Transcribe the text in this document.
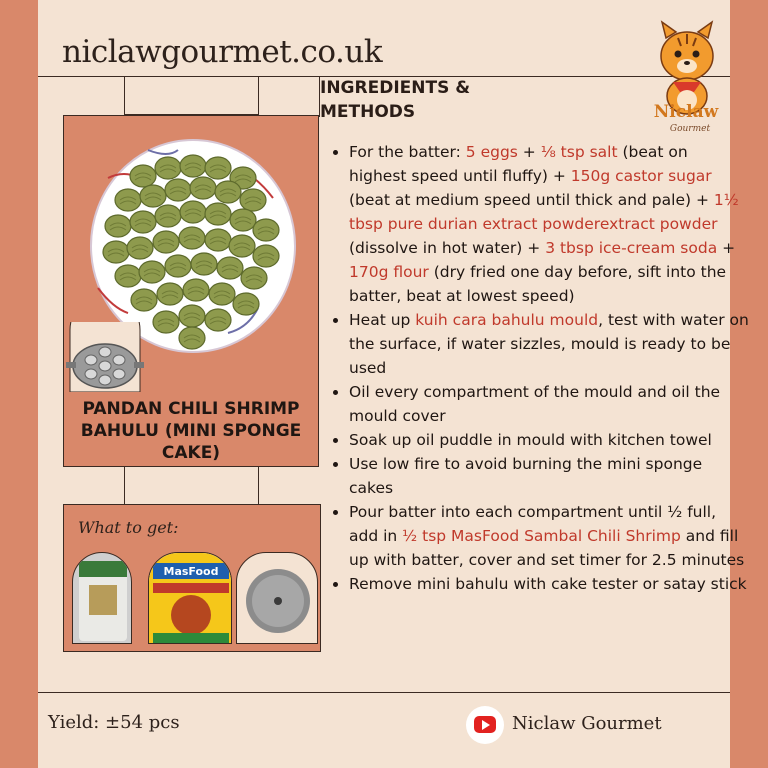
niclawgourmet.co.uk
INGREDIENTS & METHODS	Niclaw
Gourmet
PANDAN CHILI SHRIMP BAHULU (MINI SPONGE CAKE)
What to get:
MasFood
• For the batter: 5 eggs + ⅛ tsp salt (beat on highest speed until fluffy) + 150g castor sugar (beat at medium speed until thick and pale) + 1½ tbsp pure durian extract powderextract powder (dissolve in hot water) + 3 tbsp ice-cream soda + 170g flour (dry fried one day before, sift into the batter, beat at lowest speed)
• Heat up kuih cara bahulu mould, test with water on the surface, if water sizzles, mould is ready to be used
• Oil every compartment of the mould and oil the mould cover
• Soak up oil puddle in mould with kitchen towel
• Use low fire to avoid burning the mini sponge cakes
• Pour batter into each compartment until ½ full, add in ½ tsp MasFood Sambal Chili Shrimp and fill up with batter, cover and set timer for 2.5 minutes
• Remove mini bahulu with cake tester or satay stick
Yield: ±54 pcs	Niclaw Gourmet
